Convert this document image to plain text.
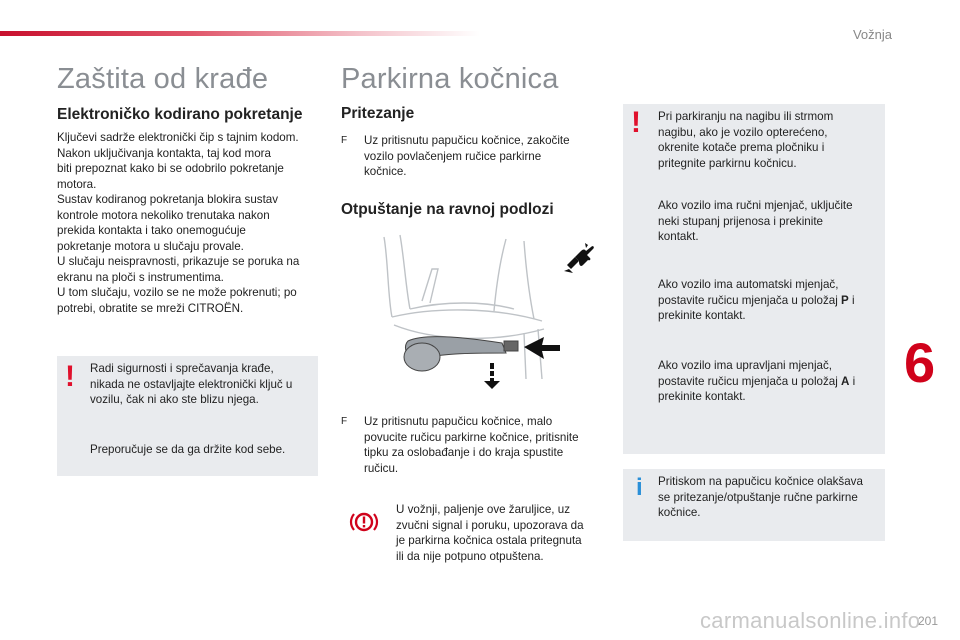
Vožnja
Zaštita od krađe
Elektroničko kodirano pokretanje

Ključevi sadrže elektronički čip s tajnim kodom.

Nakon uključivanja kontakta, taj kod mora

biti prepoznat kako bi se odobrilo pokretanje

motora.

Sustav kodiranog pokretanja blokira sustav

kontrole motora nekoliko trenutaka nakon

prekida kontakta i tako onemogućuje

pokretanje motora u slučaju provale.

U slučaju neispravnosti, prikazuje se poruka na

ekranu na ploči s instrumentima.

U tom slučaju, vozilo se ne može pokrenuti; po

potrebi, obratite se mreži CITROËN.

! Radi sigurnosti i sprečavanja krađe,

nikada ne ostavljajte elektronički ključ u

vozilu, čak ni ako ste blizu njega.

Preporučuje se da ga držite kod sebe.

Parkirna kočnica
Pritezanje
F Uz pritisnutu papučicu kočnice, zakočite

vozilo povlačenjem ručice parkirne

kočnice.

Otpuštanje na ravnoj podlozi
F Uz pritisnutu papučicu kočnice, malo

povucite ručicu parkirne kočnice, pritisnite

tipku za oslobađanje i do kraja spustite

ručicu.

U vožnji, paljenje ove žaruljice, uz

zvučni signal i poruku, upozorava da

je parkirna kočnica ostala pritegnuta

ili da nije potpuno otpuštena.

! Pri parkiranju na nagibu ili strmom

nagibu, ako je vozilo opterećeno,

okrenite kotače prema pločniku i

pritegnite parkirnu kočnicu.

Ako vozilo ima ručni mjenjač, uključite

neki stupanj prijenosa i prekinite

kontakt.

Ako vozilo ima automatski mjenjač,

postavite ručicu mjenjača u položaj P i

prekinite kontakt.

Ako vozilo ima upravljani mjenjač,

postavite ručicu mjenjača u položaj A i

prekinite kontakt.

i Pritiskom na papučicu kočnice olakšava

se pritezanje/otpuštanje ručne parkirne

kočnice.

6
carmanualsonline.info
201
